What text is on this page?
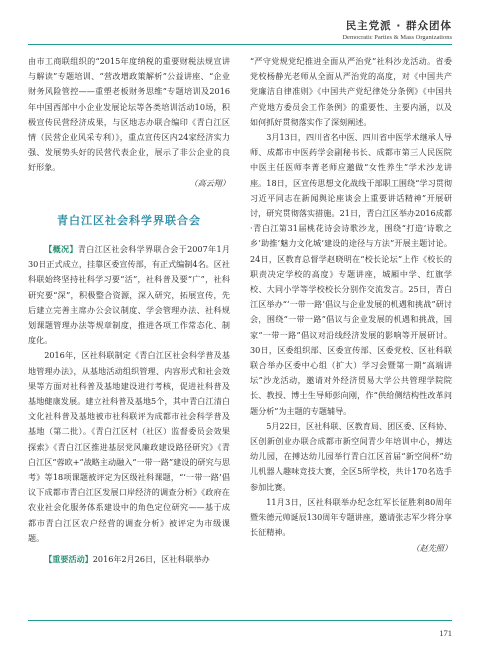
民主党派 · 群众团体
Democratic Parties & Mass Organizations

由市工商联组织的“2015年度纳税的重要财税法规宣讲与解读”专题培训、“营改增政策解析”公益讲座、“企业财务风险管控——重塑老板财务思维”专题培训及2016年中国西部中小企业发展论坛等各类培训活动10场，积极宣传民营经济成果，与区地志办联合编印《青白江区情（民营企业风采专利）》，重点宣传区内24家经济实力强、发展势头好的民营代表企业，展示了非公企业的良好形象。

（高云翔）

青白江区社会科学界联合会

【概况】青白江区社会科学界联合会于2007年1月30日正式成立，挂靠区委宣传部，有正式编制4名。区社科联始终坚持社科学习要“活”，社科普及要“广”，社科研究要“深”，积极整合资源，深入研究，拓展宣传，先后建立完善主席办公会议制度、学会管理办法、社科规划课题管理办法等规章制度，推进各项工作常态化、制度化。

2016年，区社科联制定《青白江区社会科学普及基地管理办法》，从基地活动组织管理、内容形式和社会效果等方面对社科普及基地建设进行考核，促进社科普及基地健康发展。建立社科普及基地5个，其中青白江清白文化社科普及基地被市社科联评为成都市社会科学普及基地（第二批）。《青白江区村（社区）监督委员会效果探索》《青白江区推进基层党风廉政建设路径研究》《青白江区“蓉欧+”战略主动融入“一带一路”建设的研究与思考》等18项课题被评定为区级社科课题，“‘一带一路’倡议下成都市青白江区发展口岸经济的调查分析》《政府在农业社会化服务体系建设中的角色定位研究——基于成都市青白江区农户经营的调查分析》被评定为市级课题。

【重要活动】2016年2月26日，区社科联举办

“严守党规党纪推进全面从严治党”社科沙龙活动。省委党校杨静光老师从全面从严治党的高度，对《中国共产党廉洁自律准则》《中国共产党纪律处分条例》《中国共产党地方委员会工作条例》的重要性、主要内涵，以及如何抓好贯彻落实作了深刻阐述。

3月13日，四川省名中医、四川省中医学术继承人导师、成都市中医药学会副秘书长、成都市第三人民医院中医主任医师李菁老师应邀做“女性养生”学术沙龙讲座。18日，区宣传思想文化战线干部职工围绕“学习贯彻习近平同志在新闻舆论座谈会上重要讲话精神”开展研讨，研究贯彻落实措施。21日，青白江区举办2016成都·青白江第31届桃花诗会诗歌沙龙，围绕“打造‘诗歌之乡’助推‘魅力文化城’建设的途径与方法”开展主题讨论。24日，区教育总督学赵晓明在“校长论坛”上作《校长的职责决定学校的高度》专题讲座，城厢中学、红旗学校、大同小学等学校校长分别作交流发言。25日，青白江区举办“‘一带一路’倡议与企业发展的机遇和挑战”研讨会，围绕“一带一路”倡议与企业发展的机遇和挑战，国家“一带一路”倡议对沿线经济发展的影响等开展研讨。30日，区委组织部、区委宣传部、区委党校、区社科联联合举办区委中心组（扩大）学习会暨第一期“高端讲坛”沙龙活动，邀请对外经济贸易大学公共管理学院院长、教授、博士生导师彭向刚，作“供给侧结构性改革问题分析”为主题的专题辅导。

5月22日，区社科联、区教育局、团区委、区科协、区创新创业办联合成都市新空间青少年培训中心，搏达幼儿园，在搏达幼儿园举行青白江区首届“新空间杯”幼儿机器人趣味竞技大赛，全区5所学校，共计170名选手参加比赛。

11月3日，区社科联举办纪念红军长征胜利80周年暨朱德元帅诞辰130周年专题讲座，邀请张志军少将分享长征精神。

（赵先照）

171
